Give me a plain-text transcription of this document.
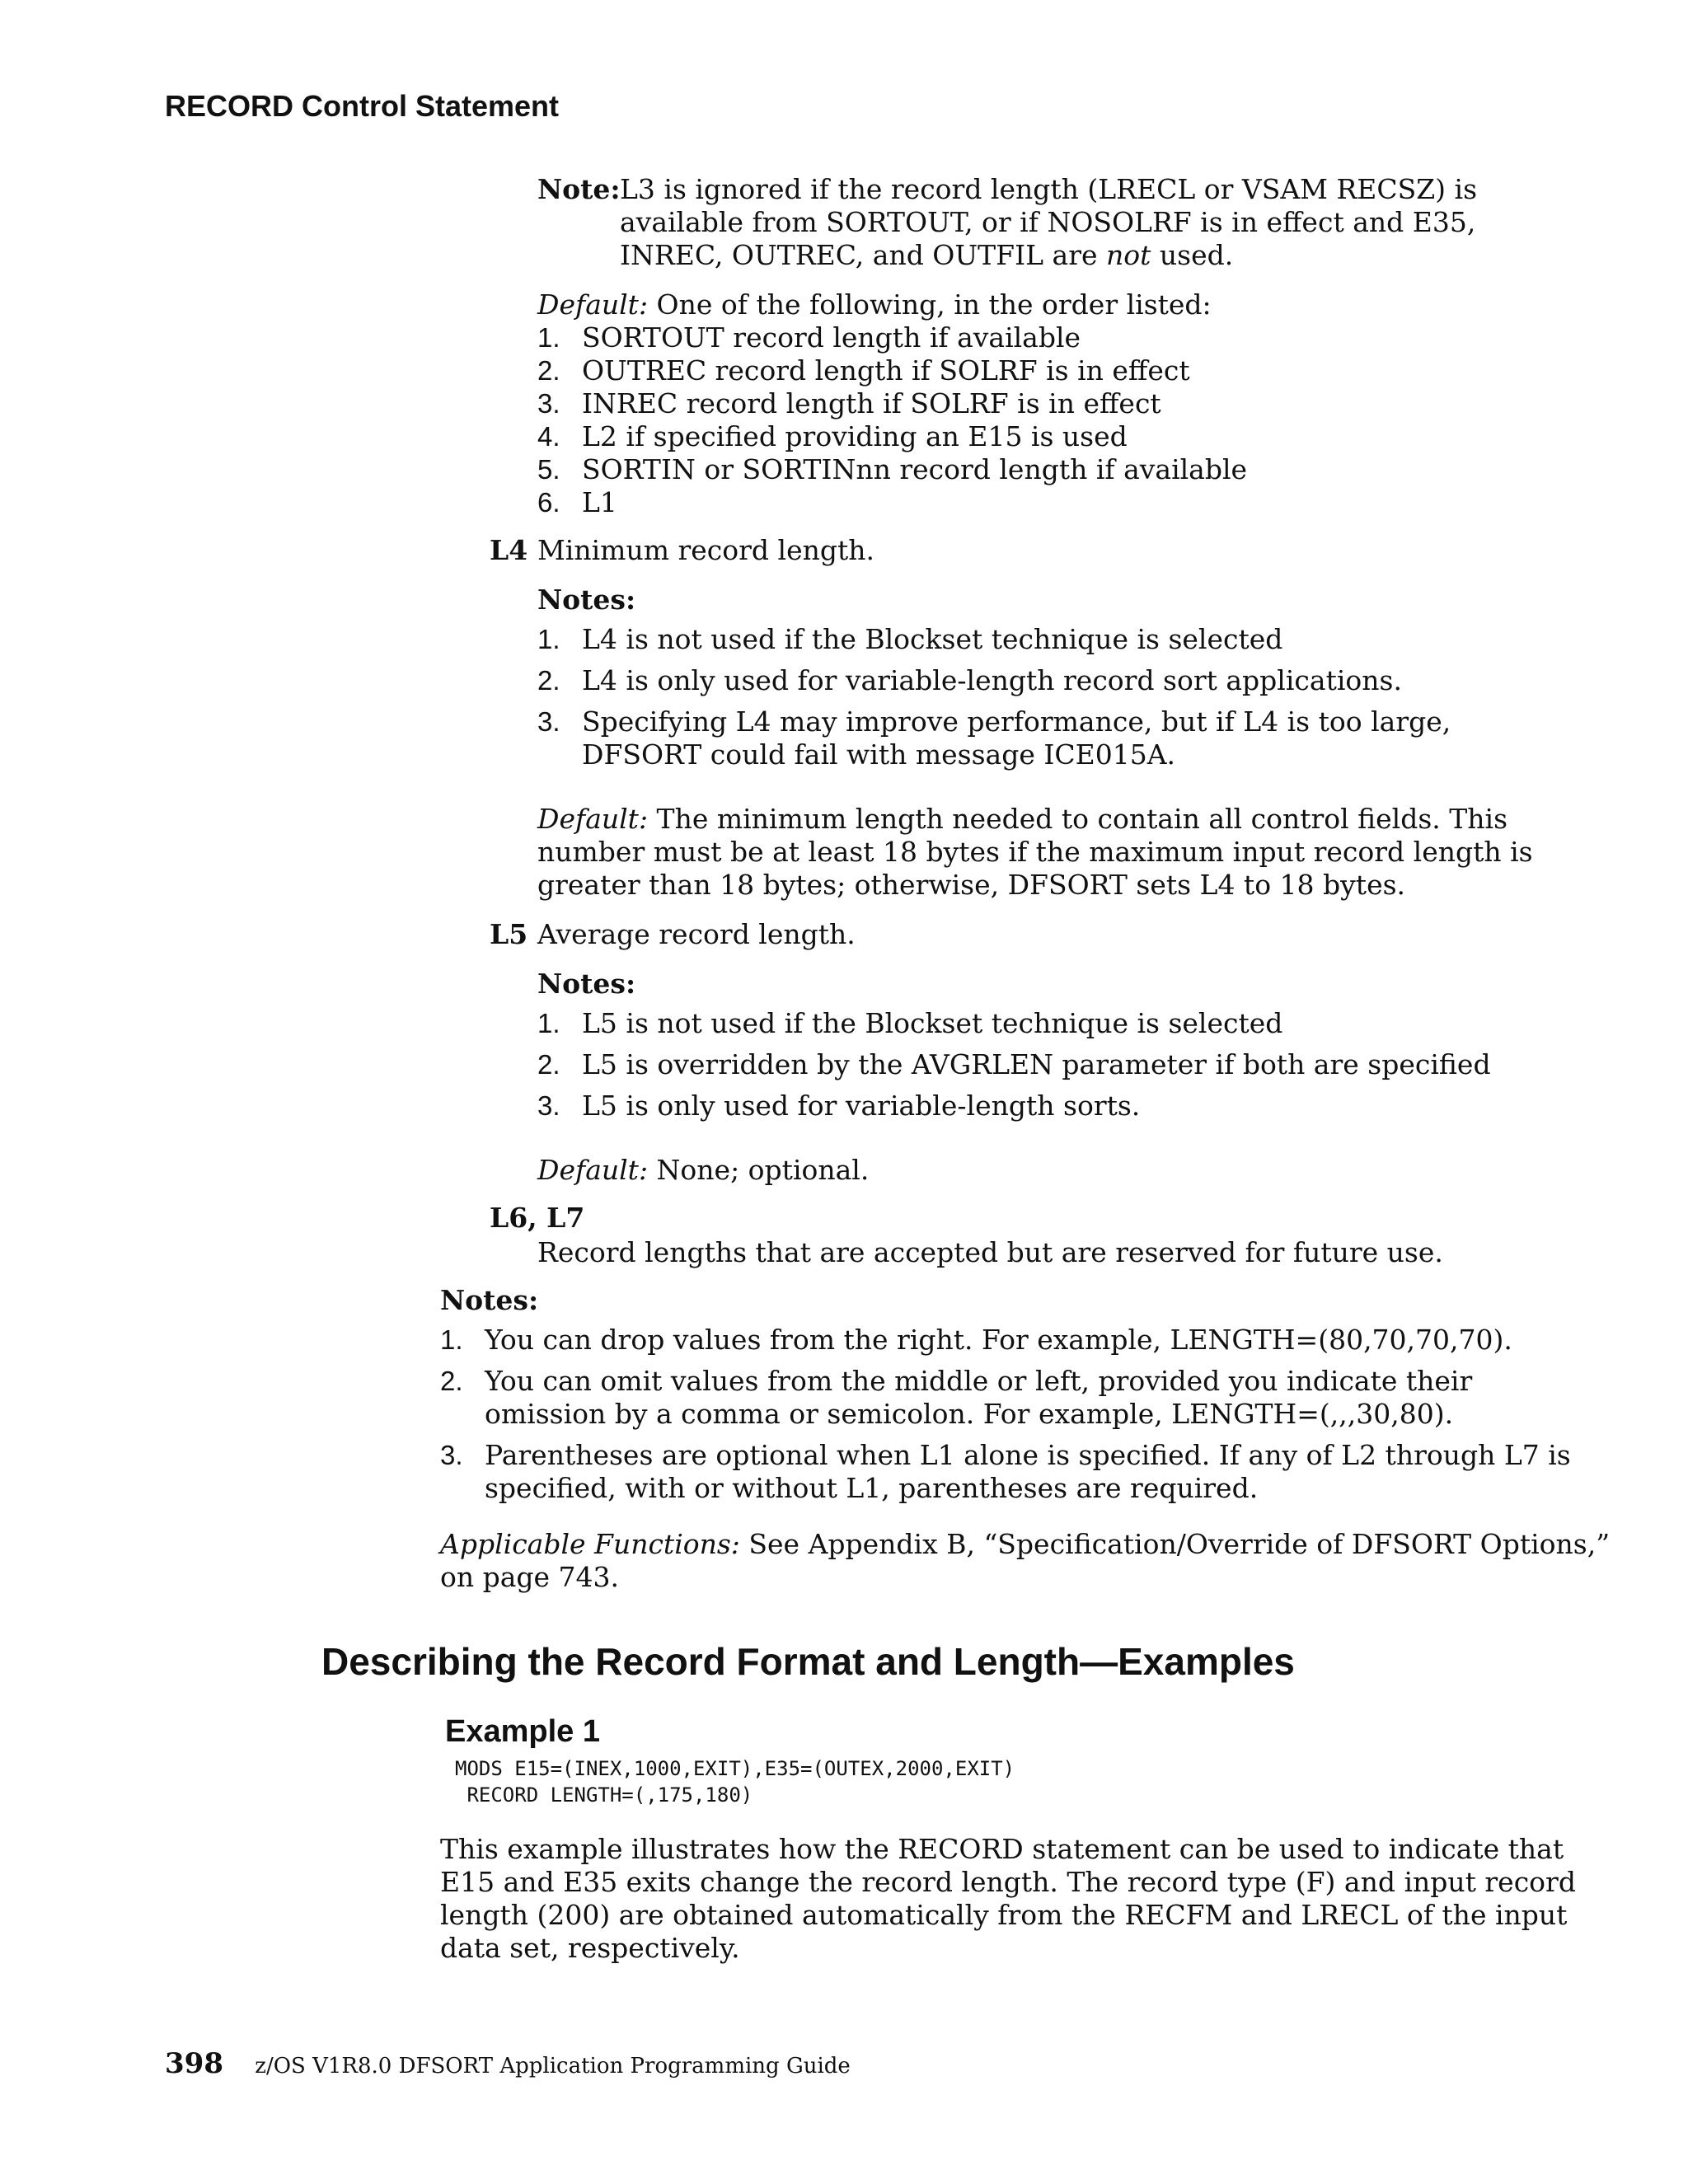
RECORD Control Statement
Note: L3 is ignored if the record length (LRECL or VSAM RECSZ) is
available from SORTOUT, or if NOSOLRF is in effect and E35,
INREC, OUTREC, and OUTFIL are not used.
Default: One of the following, in the order listed:
1. SORTOUT record length if available
2. OUTREC record length if SOLRF is in effect
3. INREC record length if SOLRF is in effect
4. L2 if specified providing an E15 is used
5. SORTIN or SORTINnn record length if available
6. L1
L4 Minimum record length.
Notes:
1. L4 is not used if the Blockset technique is selected
2. L4 is only used for variable-length record sort applications.
3. Specifying L4 may improve performance, but if L4 is too large,
DFSORT could fail with message ICE015A.
Default: The minimum length needed to contain all control fields. This
number must be at least 18 bytes if the maximum input record length is
greater than 18 bytes; otherwise, DFSORT sets L4 to 18 bytes.
L5 Average record length.
Notes:
1. L5 is not used if the Blockset technique is selected
2. L5 is overridden by the AVGRLEN parameter if both are specified
3. L5 is only used for variable-length sorts.
Default: None; optional.
L6, L7
Record lengths that are accepted but are reserved for future use.
Notes:
1. You can drop values from the right. For example, LENGTH=(80,70,70,70).
2. You can omit values from the middle or left, provided you indicate their
omission by a comma or semicolon. For example, LENGTH=(,,,30,80).
3. Parentheses are optional when L1 alone is specified. If any of L2 through L7 is
specified, with or without L1, parentheses are required.
Applicable Functions: See Appendix B, “Specification/Override of DFSORT Options,”
on page 743.
Describing the Record Format and Length—Examples
Example 1
MODS E15=(INEX,1000,EXIT),E35=(OUTEX,2000,EXIT)
RECORD LENGTH=(,175,180)
This example illustrates how the RECORD statement can be used to indicate that
E15 and E35 exits change the record length. The record type (F) and input record
length (200) are obtained automatically from the RECFM and LRECL of the input
data set, respectively.
398 z/OS V1R8.0 DFSORT Application Programming Guide
